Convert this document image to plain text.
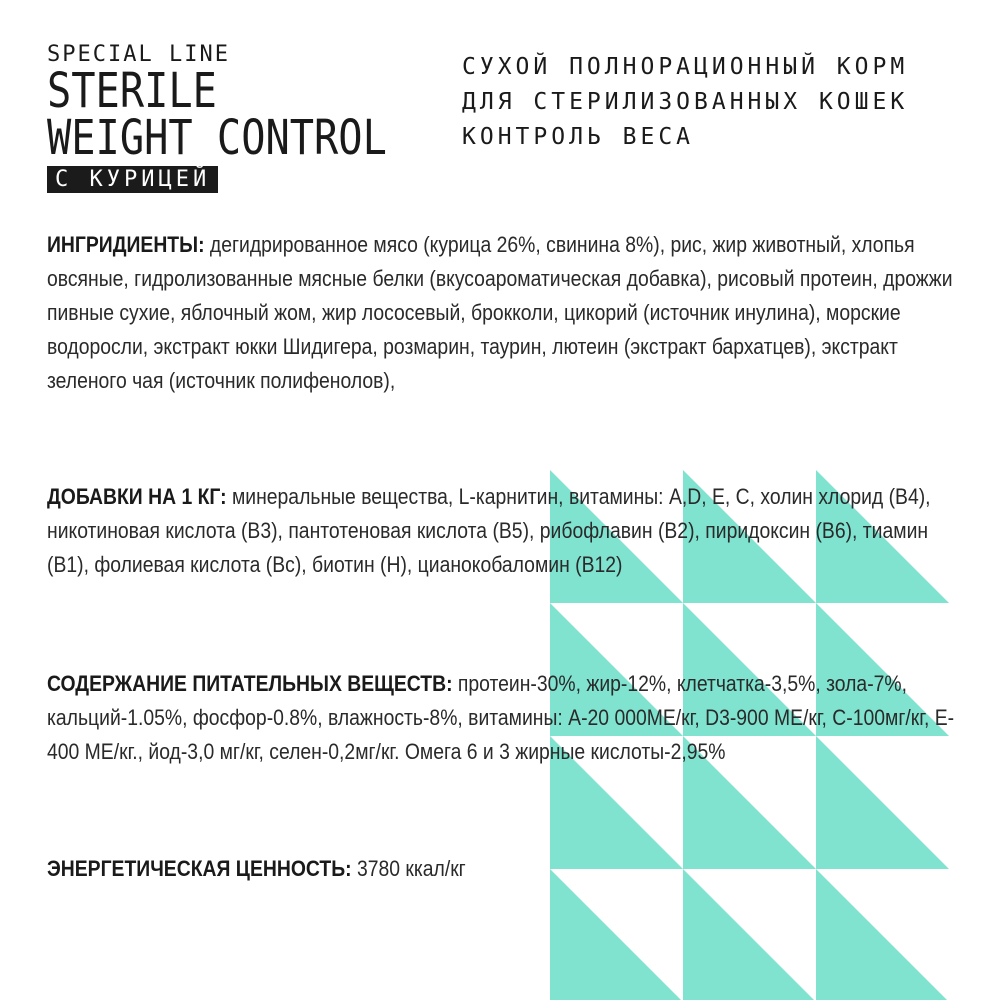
SPECIAL LINE
STERILE
WEIGHT CONTROL
С КУРИЦЕЙ
СУХОЙ ПОЛНОРАЦИОННЫЙ КОРМ
ДЛЯ СТЕРИЛИЗОВАННЫХ КОШЕК
КОНТРОЛЬ ВЕСА
ИНГРИДИЕНТЫ: дегидрированное мясо (курица 26%, свинина 8%), рис, жир животный, хлопья овсяные, гидролизованные мясные белки (вкусоароматическая добавка), рисовый протеин, дрожжи пивные сухие, яблочный жом, жир лососевый, брокколи, цикорий (источник инулина), морские водоросли, экстракт юкки Шидигера, розмарин, таурин, лютеин (экстракт бархатцев), экстракт зеленого чая (источник полифенолов),
ДОБАВКИ НА 1 КГ: минеральные вещества, L-карнитин, витамины: A,D, E, C, холин хлорид (B4), никотиновая кислота (B3), пантотеновая кислота (B5), рибофлавин (B2), пиридоксин (B6), тиамин (B1), фолиевая кислота (Bc), биотин (H), цианокобаломин (B12)
СОДЕРЖАНИЕ ПИТАТЕЛЬНЫХ ВЕЩЕСТВ: протеин-30%, жир-12%, клетчатка-3,5%, зола-7%, кальций-1.05%, фосфор-0.8%, влажность-8%, витамины: A-20 000МЕ/кг, D3-900 МЕ/кг, C-100мг/кг, E-400 МЕ/кг., йод-3,0 мг/кг, селен-0,2мг/кг. Омега 6 и 3 жирные кислоты-2,95%
ЭНЕРГЕТИЧЕСКАЯ ЦЕННОСТЬ: 3780 ккал/кг
